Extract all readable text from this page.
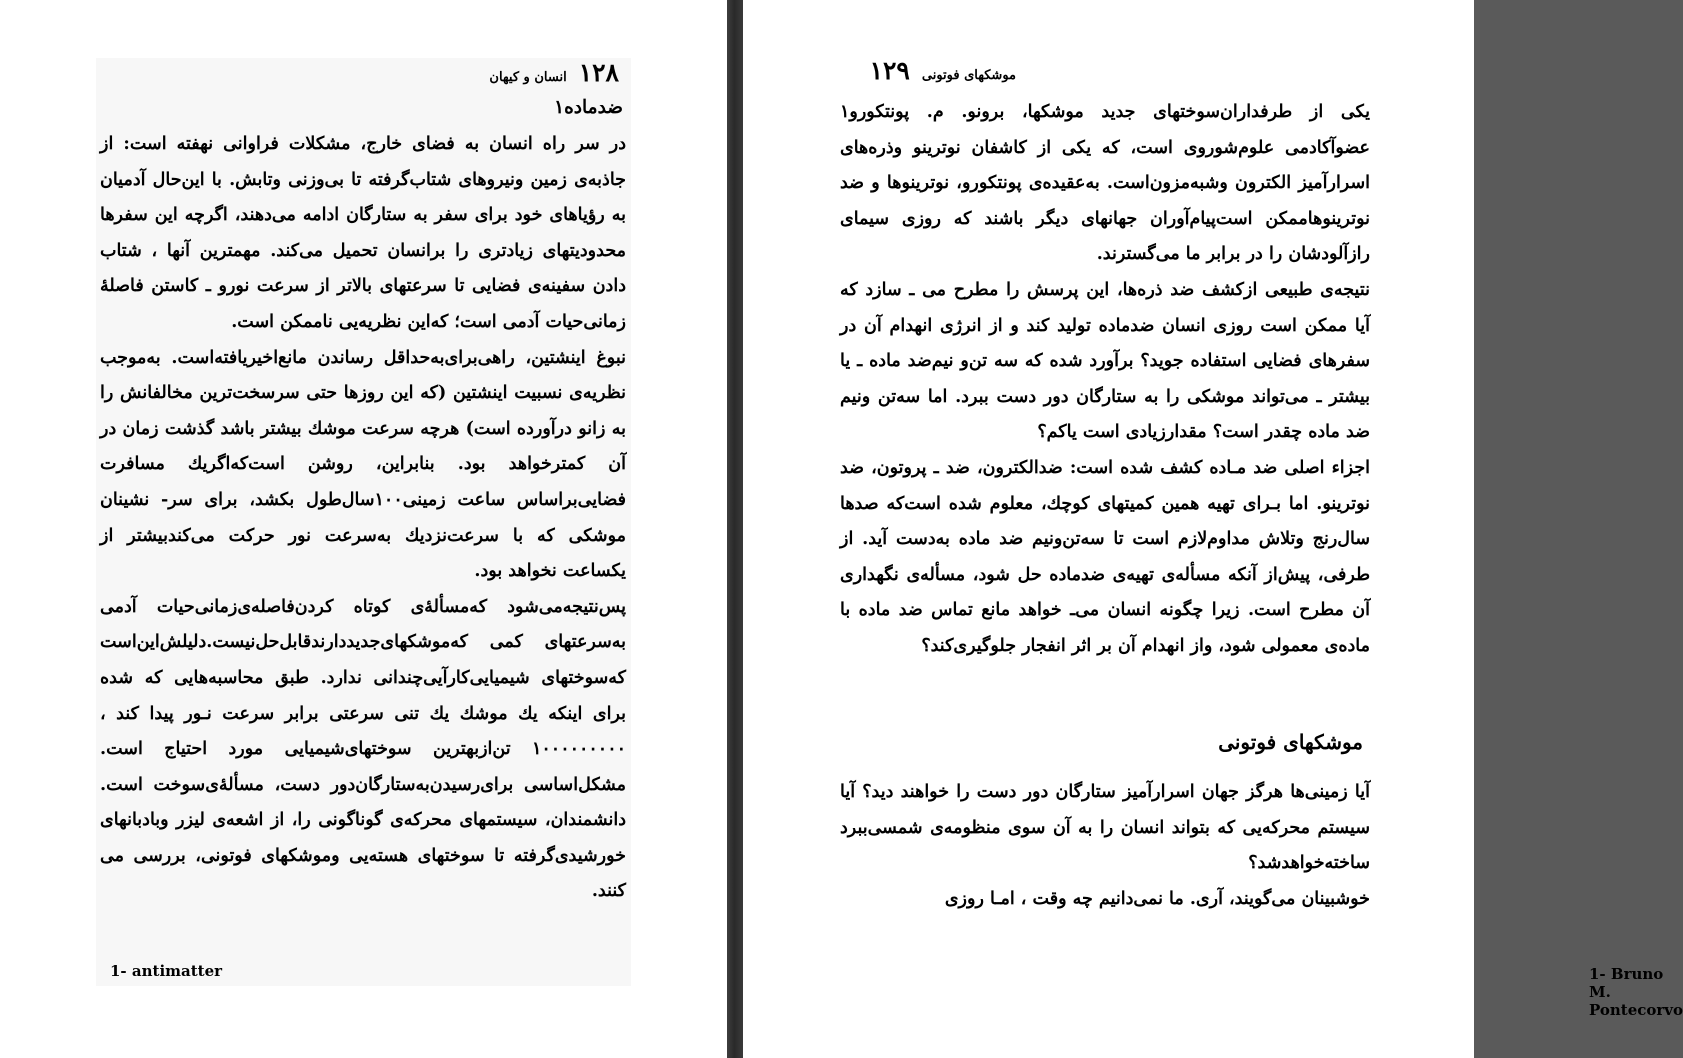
۱۲۸
انسان و کیهان
ضدماده۱

در سر راه انسان به فضای خارج، مشکلات فراوانی نهفته است: از جاذبه‌ی زمین ونیروهای شتاب‌گرفته تا بی‌وزنی وتابش. با این‌حال آدمیان به رؤیاهای خود برای سفر به ستارگان ادامه می‌دهند، اگرچه این سفرها محدودیتهای زیادتری را برانسان تحمیل می‌کند. مهمترین آنها ، شتاب دادن سفینه‌ی فضایی تا سرعتهای بالاتر از سرعت نورو ـ کاستن فاصلهٔ زمانی‌حیات آدمی است؛ که‌این نظریه‌یی ناممکن است.

نبوغ اینشتین، راهی‌برای‌به‌حداقل رساندن مانع‌اخیریافته‌است. به‌موجب نظریه‌ی نسبیت اینشتین (که این روزها حتی سرسخت‌ترین مخالفانش را به زانو درآورده است) هرچه سرعت موشك بیشتر باشد گذشت زمان در آن کمترخواهد بود. بنابراین، روشن است‌که‌اگریك مسافرت فضایی‌براساس ساعت زمینی۱۰۰سال‌طول بکشد، برای سر- نشینان موشکی که با سرعت‌نزدیك به‌سرعت نور حرکت می‌کندبیشتر از یکساعت نخواهد بود.

پس‌نتیجه‌می‌شود که‌مسألهٔ‌ی کوتاه کردن‌فاصله‌ی‌زمانی‌حیات آدمی به‌سرعتهای کمی که‌موشکهای‌جدیددارندقابل‌حل‌نیست.دلیلش‌این‌است که‌سوختهای شیمیایی‌کارآیی‌چندانی ندارد. طبق محاسبه‌هایی که شده برای اینکه یك موشك یك تنی سرعتی برابر سرعت نـور پیدا کند ، ۱۰۰۰۰۰۰۰۰۰ تن‌ازبهترین سوختهای‌شیمیایی مورد احتیاج است. مشکل‌اساسی برای‌رسیدن‌به‌ستارگان‌دور دست، مسألهٔ‌ی‌سوخت است. دانشمندان، سیستمهای محرکه‌ی گوناگونی را، از اشعه‌ی لیزر وبادبانهای خورشیدی‌گرفته تا سوختهای هسته‌یی وموشکهای فوتونی، بررسی می کنند.

1- antimatter
موشکهای فوتونی
۱۲۹
1- Bruno M. Pontecorvo

یکی از طرفداران‌سوختهای جدید موشکها، برونو. م. پونتکورو۱ عضوآکادمی علوم‌شوروی است، که یکی از کاشفان نوترینو وذره‌های اسرارآمیز الکترون وشبه‌مزون‌است. به‌عقیده‌ی پونتکورو، نوترینوها و ضد نوترینوهاممکن است‌پیام‌آوران جهانهای دیگر باشند که روزی سیمای رازآلودشان را در برابر ما می‌گسترند.

نتیجه‌ی طبیعی ازکشف ضد ذره‌ها، این پرسش را مطرح می ـ سازد که آیا ممکن است روزی انسان ضدماده تولید کند و از انرژی انهدام آن در سفرهای فضایی استفاده جوید؟ برآورد شده که سه تن‌و نیم‌ضد ماده ـ یا بیشتر ـ می‌تواند موشکی را به ستارگان دور دست ببرد. اما سه‌تن ونیم ضد ماده چقدر است؟ مقدارزیادی است یاکم؟

اجزاء اصلی ضد مـاده کشف شده است: ضدالکترون، ضد ـ پروتون، ضد نوترینو. اما بـرای تهیه همین کمیتهای کوچك، معلوم شده است‌که صدها سال‌رنج وتلاش مداوم‌لازم است تا سه‌تن‌ونیم ضد ماده به‌دست آید. از طرفی، پیش‌از آنکه مسأله‌ی تهیه‌ی ضدماده حل شود، مسأله‌ی نگهداری آن مطرح است. زیرا چگونه انسان می‌ـ خواهد مانع تماس ضد ماده با ماده‌ی معمولی شود، واز انهدام آن بر اثر انفجار جلوگیری‌کند؟

موشکهای فوتونی

آیا زمینی‌ها هرگز جهان اسرارآمیز ستارگان دور دست را خواهند دید؟ آیا سیستم محرکه‌یی که بتواند انسان را به آن سوی منظومه‌ی شمسی‌ببرد ساخته‌خواهدشد؟

خوشبینان می‌گویند، آری. ما نمی‌دانیم چه وقت ، امـا روزی
